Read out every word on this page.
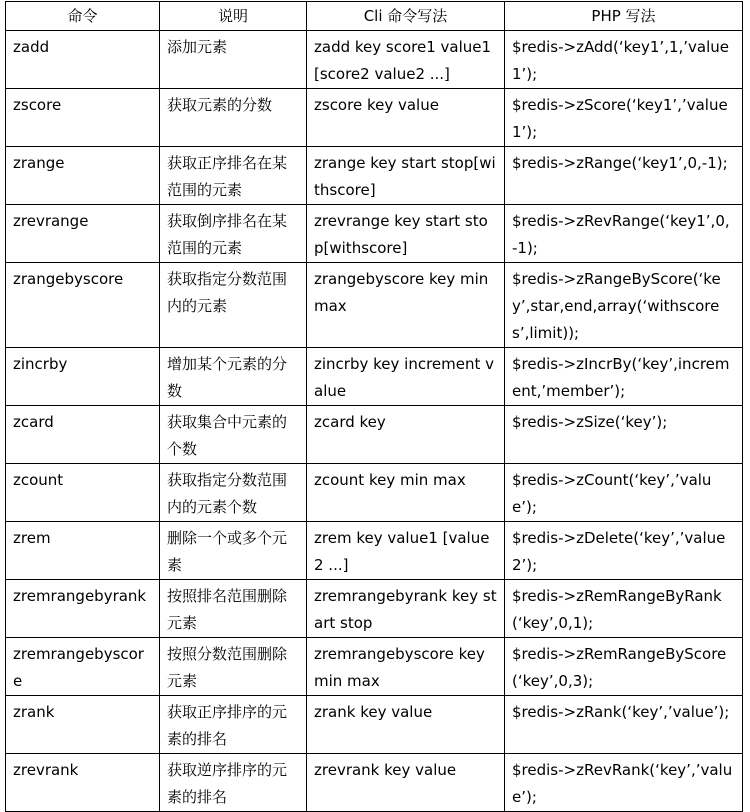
命令	说明	Cli 命令写法	PHP 写法
zadd	添加元素	zadd key score1 value1 [score2 value2 ...]	$redis->zAdd(‘key1’,1,’value1’);
zscore	获取元素的分数	zscore key value	$redis->zScore(‘key1’,’value1’);
zrange	获取正序排名在某范围的元素	zrange key start stop[withscore]	$redis->zRange(‘key1’,0,-1);
zrevrange	获取倒序排名在某范围的元素	zrevrange key start stop[withscore]	$redis->zRevRange(‘key1’,0,-1);
zrangebyscore	获取指定分数范围内的元素	zrangebyscore key min max	$redis->zRangeByScore(‘key’,star,end,array(‘withscores’,limit));
zincrby	增加某个元素的分数	zincrby key increment value	$redis->zIncrBy(‘key’,increment,’member’);
zcard	获取集合中元素的个数	zcard key	$redis->zSize(‘key’);
zcount	获取指定分数范围内的元素个数	zcount key min max	$redis->zCount(‘key’,’value’);
zrem	删除一个或多个元素	zrem key value1 [value2 ...]	$redis->zDelete(‘key’,’value2’);
zremrangebyrank	按照排名范围删除元素	zremrangebyrank key start stop	$redis->zRemRangeByRank(‘key’,0,1);
zremrangebyscore	按照分数范围删除元素	zremrangebyscore key min max	$redis->zRemRangeByScore(‘key’,0,3);
zrank	获取正序排序的元素的排名	zrank key value	$redis->zRank(‘key’,’value’);
zrevrank	获取逆序排序的元素的排名	zrevrank key value	$redis->zRevRank(‘key’,’value’);
